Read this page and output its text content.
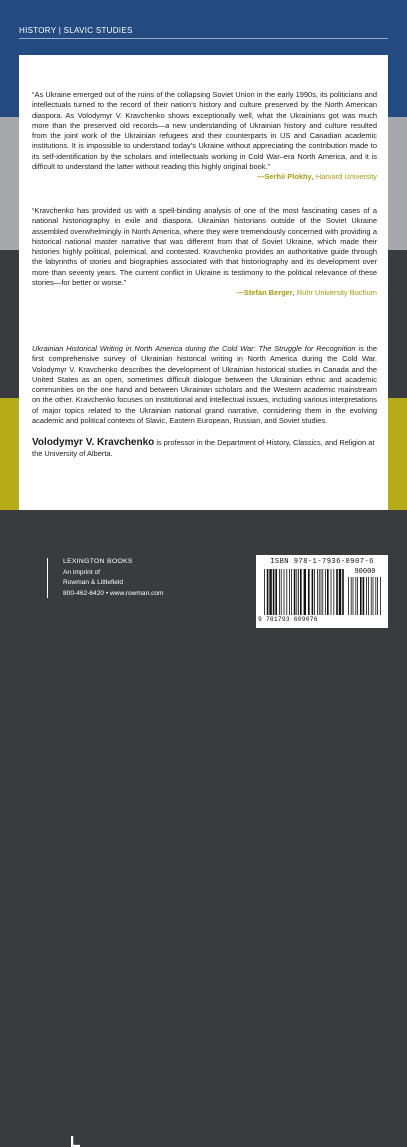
HISTORY | SLAVIC STUDIES

“As Ukraine emerged out of the ruins of the collapsing Soviet Union in the early 1990s, its politicians and intellectuals turned to the record of their nation’s history and culture preserved by the North American diaspora. As Volodymyr V. Kravchenko shows exceptionally well, what the Ukrainians got was much more than the preserved old records—a new understanding of Ukrainian history and culture resulted from the joint work of the Ukrainian refugees and their counterparts in US and Canadian academic institutions. It is impossible to understand today’s Ukraine without appreciating the contribution made to its self-identification by the scholars and intellectuals working in Cold War–era North America, and it is difficult to understand the latter without reading this highly original book.”

—Serhii Plokhy, Harvard University

“Kravchenko has provided us with a spell-binding analysis of one of the most fascinating cases of a national historiography in exile and diaspora. Ukrainian historians outside of the Soviet Ukraine assembled overwhelmingly in North America, where they were tremendously concerned with providing a historical national master narrative that was different from that of Soviet Ukraine, which made their histories highly political, polemical, and contested. Kravchenko provides an authoritative guide through the labyrinths of stories and biographies associated with that historiography and its development over more than seventy years. The current conflict in Ukraine is testimony to the political relevance of these stories—for better or worse.”

—Stefan Berger, Ruhr University Bochum

Ukrainian Historical Writing in North America during the Cold War: The Struggle for Recognition is the first comprehensive survey of Ukrainian historical writing in North America during the Cold War. Volodymyr V. Kravchenko describes the development of Ukrainian historical studies in Canada and the United States as an open, sometimes difficult dialogue between the Ukrainian ethnic and academic communities on the one hand and between Ukrainian scholars and the Western academic mainstream on the other. Kravchenko focuses on institutional and intellectual issues, including various interpretations of major topics related to the Ukrainian national grand narrative, considering them in the evolving academic and political contexts of Slavic, Eastern European, Russian, and Soviet studies.

Volodymyr V. Kravchenko is professor in the Department of History, Classics, and Religion at the University of Alberta.
LEXINGTON BOOKS
An imprint of
Rowman & Littlefield
800-462-6420 • www.rowman.com
ISBN 978-1-7936-0907-6
90000
9 781793 609076
